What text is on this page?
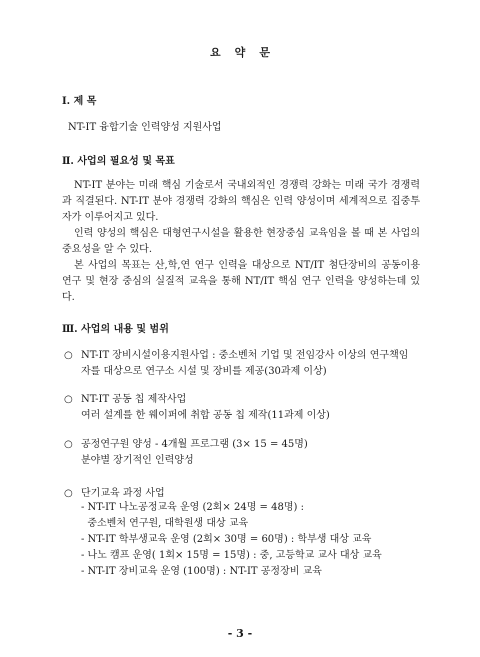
요 약 문
Ⅰ. 제 목
NT-IT 융합기술 인력양성 지원사업
Ⅱ. 사업의 필요성 및 목표

NT-IT 분야는 미래 핵심 기술로서 국내외적인 경쟁력 강화는 미래 국가 경쟁력과 직결된다. NT-IT 분야 경쟁력 강화의 핵심은 인력 양성이며 세계적으로 집중투자가 이루어지고 있다.

인력 양성의 핵심은 대형연구시설을 활용한 현장중심 교육임을 볼 때 본 사업의 중요성을 알 수 있다.

본 사업의 목표는 산,학,연 연구 인력을 대상으로 NT/IT 첨단장비의 공동이용 연구 및 현장 중심의 실질적 교육을 통해 NT/IT 핵심 연구 인력을 양성하는데 있다.

Ⅲ. 사업의 내용 및 범위
○ NT-IT 장비시설이용지원사업 : 중소벤처 기업 및 전임강사 이상의 연구책임
자를 대상으로 연구소 시설 및 장비를 제공(30과제 이상)
○ NT-IT 공동 칩 제작사업
여러 설계를 한 웨이퍼에 취합 공동 칩 제작(11과제 이상)
○ 공정연구원 양성 - 4개월 프로그램 (3× 15 = 45명)
분야별 장기적인 인력양성
○ 단기교육 과정 사업
- NT-IT 나노공정교육 운영 (2회× 24명 = 48명) :
중소벤처 연구원, 대학원생 대상 교육
- NT-IT 학부생교육 운영 (2회× 30명 = 60명) : 학부생 대상 교육
- 나노 캠프 운영( 1회× 15명 = 15명) : 중, 고등학교 교사 대상 교육
- NT-IT 장비교육 운영 (100명) : NT-IT 공정장비 교육
- 3 -
